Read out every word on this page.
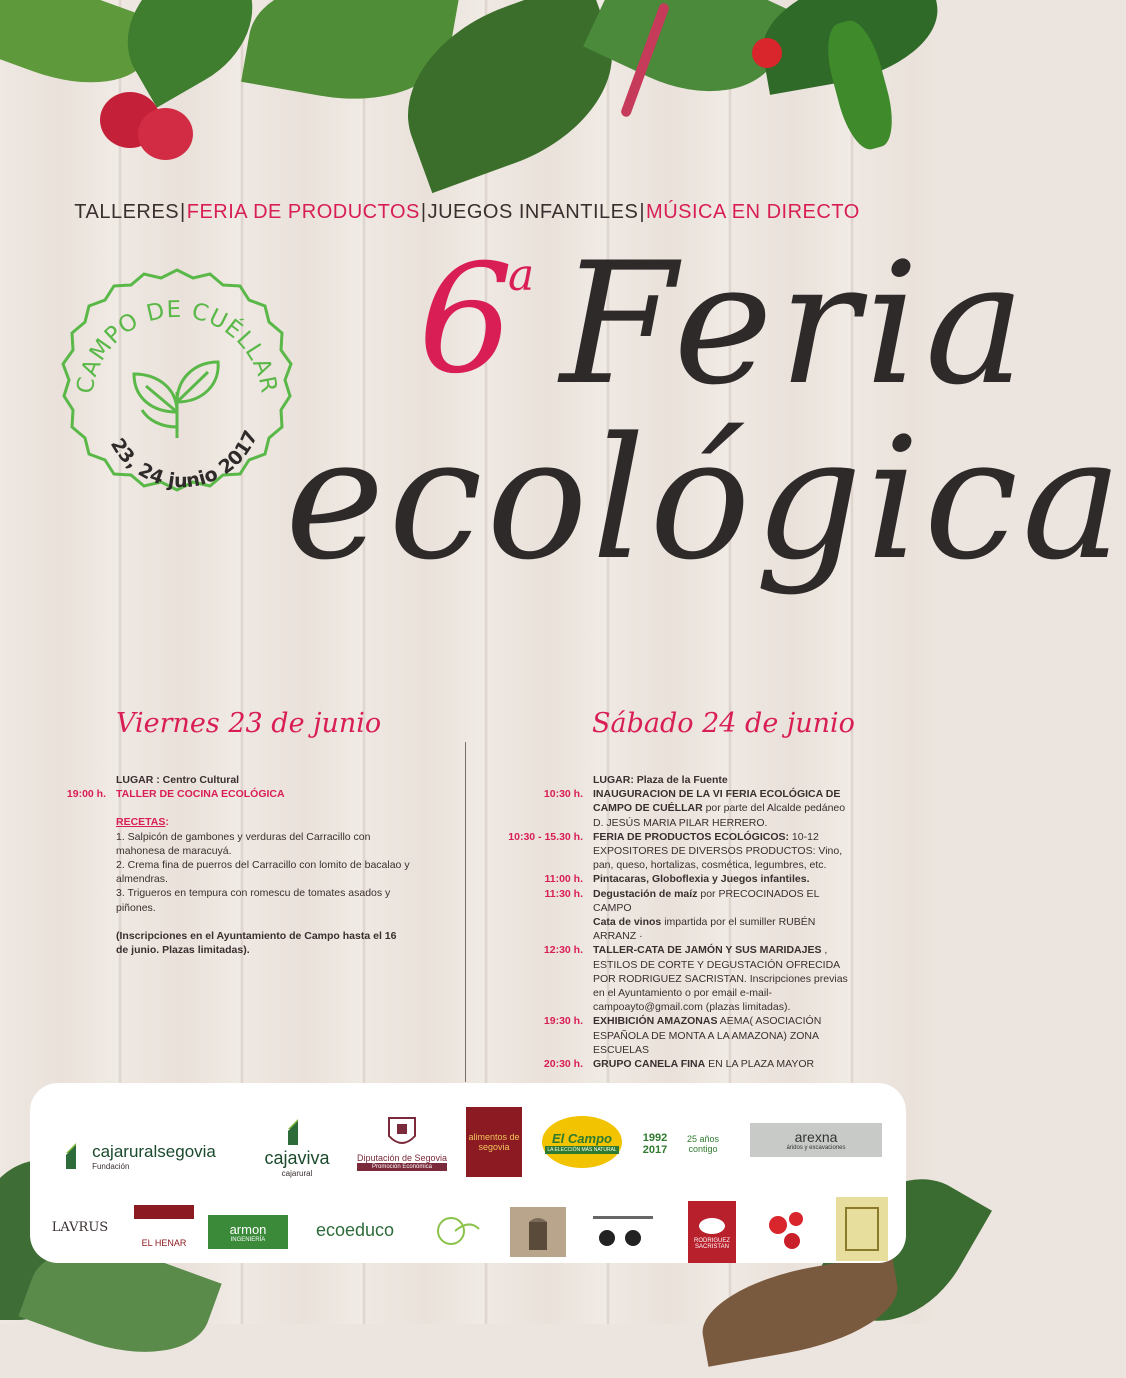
TALLERES|FERIA DE PRODUCTOS|JUEGOS INFANTILES|MÚSICA EN DIRECTO
CAMPO DE CUÉLLAR
23, 24 junio 2017
6
a Feria
ecológica
Viernes 23 de junio	Sábado 24 de junio
LUGAR : Centro Cultural
19:00 h. TALLER DE COCINA ECOLÓGICA
RECETAS:
1. Salpicón de gambones y verduras del Carracillo con mahonesa de maracuyá.
2. Crema fina de puerros del Carracillo con lomito de bacalao y almendras.
3. Trigueros en tempura con romescu de tomates asados y piñones.
(Inscripciones en el Ayuntamiento de Campo hasta el 16 de junio. Plazas limitadas).
LUGAR: Plaza de la Fuente
10:30 h. INAUGURACION DE LA VI FERIA ECOLÓGICA DE CAMPO DE CUÉLLAR por parte del Alcalde pedáneo D. JESÚS MARIA PILAR HERRERO.
10:30 - 15.30 h. FERIA DE PRODUCTOS ECOLÓGICOS: 10-12 EXPOSITORES DE DIVERSOS PRODUCTOS: Vino, pan, queso, hortalizas, cosmética, legumbres, etc.
11:00 h. Pintacaras, Globoflexia y Juegos infantiles.
11:30 h. Degustación de maíz por PRECOCINADOS EL CAMPO
Cata de vinos impartida por el sumiller RUBÉN ARRANZ ·
12:30 h. TALLER-CATA DE JAMÓN Y SUS MARIDAJES , ESTILOS DE CORTE Y DEGUSTACIÓN OFRECIDA POR RODRIGUEZ SACRISTAN. Inscripciones previas en el Ayuntamiento o por email e-mail-campoayto@gmail.com (plazas limitadas).
19:30 h. EXHIBICIÓN AMAZONAS AEMA( ASOCIACIÓN ESPAÑOLA DE MONTA A LA AMAZONA) ZONA ESCUELAS
20:30 h. GRUPO CANELA FINA EN LA PLAZA MAYOR
cajaruralsegovia
Fundación	cajaviva
cajarural
Diputación de Segovia
Promoción Económica
alimentos de segovia
El Campo
LA ELECCIÓN MÁS NATURAL
1992 2017
25 años contigo
arexna
áridos y excavaciones
LAVRUS
EL HENAR
armon
INGENIERÍA	ecoeduco
RODRIGUEZ SACRISTAN
